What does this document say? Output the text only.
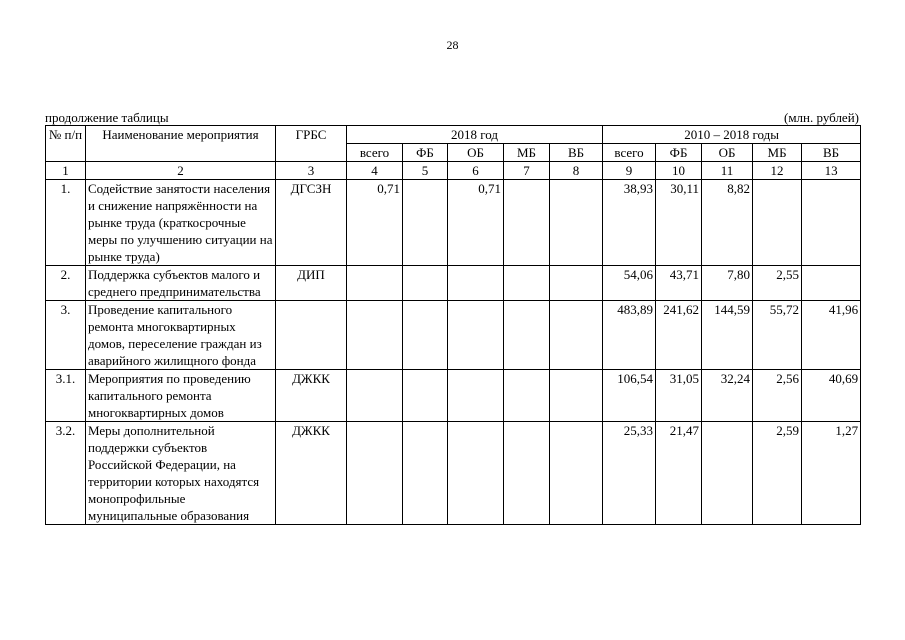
28
продолжение таблицы	(млн. рублей)
№ п/п	Наименование мероприятия	ГРБС	2018 год					2010 – 2018 годы				
			всего	ФБ	ОБ	МБ	ВБ	всего	ФБ	ОБ	МБ	ВБ
1	2	3	4	5	6	7	8	9	10	11	12	13
1.	Содействие занятости населения и снижение напряжённости на рынке труда (краткосрочные меры по улучшению ситуации на рынке труда)	ДГСЗН	0,71		0,71			38,93	30,11	8,82		
2.	Поддержка субъектов малого и среднего предпринимательства	ДИП						54,06	43,71	7,80	2,55	
3.	Проведение капитального ремонта многоквартирных домов, переселение граждан из аварийного жилищного фонда							483,89	241,62	144,59	55,72	41,96
3.1.	Мероприятия по проведению капитального ремонта многоквартирных домов	ДЖКК						106,54	31,05	32,24	2,56	40,69
3.2.	Меры дополнительной поддержки субъектов Российской Федерации, на территории которых находятся монопрофильные муниципальные образования	ДЖКК						25,33	21,47		2,59	1,27
